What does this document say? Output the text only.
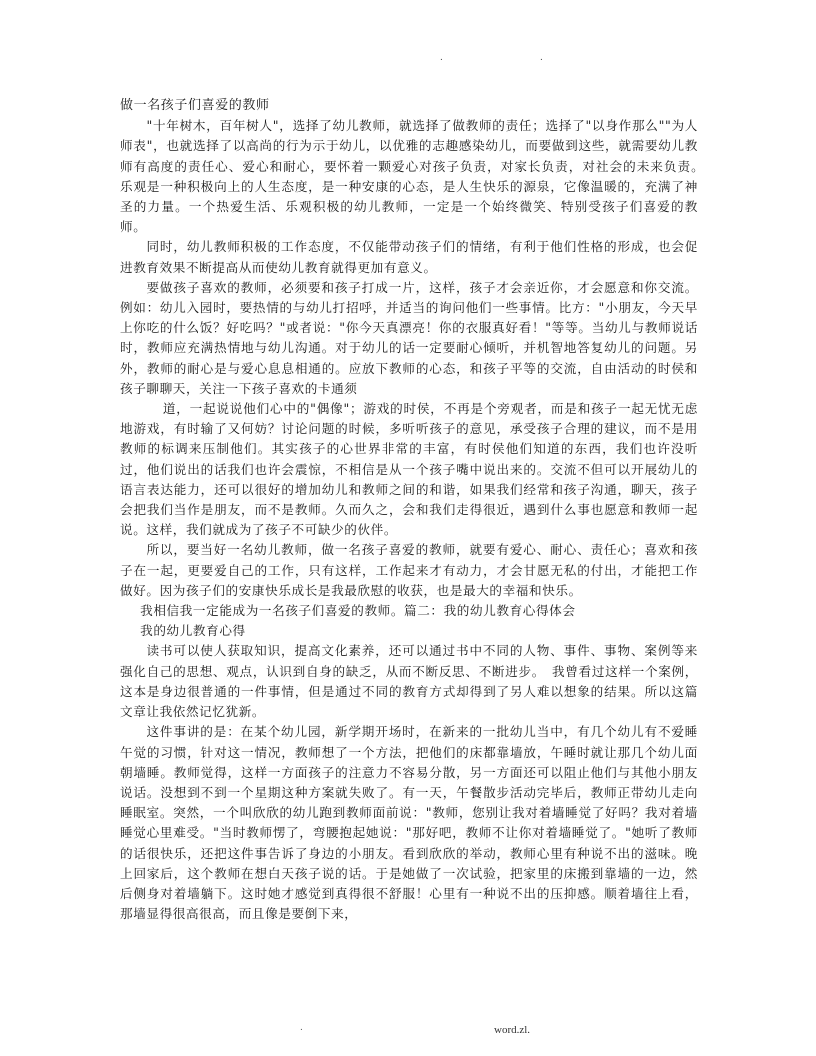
.	.

做一名孩子们喜爱的教师

"十年树木，百年树人"，选择了幼儿教师，就选择了做教师的责任；选择了"以身作那么""为人师表"，也就选择了以高尚的行为示于幼儿，以优雅的志趣感染幼儿，而要做到这些，就需要幼儿教师有高度的责任心、爱心和耐心，要怀着一颗爱心对孩子负责，对家长负责，对社会的未来负责。　　乐观是一种积极向上的人生态度，是一种安康的心态，是人生快乐的源泉，它像温暖的，充满了神圣的力量。一个热爱生活、乐观积极的幼儿教师，一定是一个始终微笑、特别受孩子们喜爱的教师。

同时，幼儿教师积极的工作态度，不仅能带动孩子们的情绪，有利于他们性格的形成，也会促进教育效果不断提高从而使幼儿教育就得更加有意义。

要做孩子喜欢的教师，必须要和孩子打成一片，这样，孩子才会亲近你，才会愿意和你交流。例如：幼儿入园时，要热情的与幼儿打招呼，并适当的询问他们一些事情。比方："小朋友，今天早上你吃的什么饭？好吃吗？"或者说："你今天真漂亮！你的衣服真好看！"等等。当幼儿与教师说话时，教师应充满热情地与幼儿沟通。对于幼儿的话一定要耐心倾听，并机智地答复幼儿的问题。另外，教师的耐心是与爱心息息相通的。应放下教师的心态，和孩子平等的交流，自由活动的时侯和孩子聊聊天，关注一下孩子喜欢的卡通须

道，一起说说他们心中的"偶像"；游戏的时侯，不再是个旁观者，而是和孩子一起无忧无虑地游戏，有时输了又何妨？讨论问题的时候，多听听孩子的意见，承受孩子合理的建议，而不是用教师的标调来压制他们。其实孩子的心世界非常的丰富，有时侯他们知道的东西，我们也许没听过，他们说出的话我们也许会震惊，不相信是从一个孩子嘴中说出来的。交流不但可以开展幼儿的语言表达能力，还可以很好的增加幼儿和教师之间的和谐，如果我们经常和孩子沟通，聊天，孩子会把我们当作是朋友，而不是教师。久而久之，会和我们走得很近，遇到什么事也愿意和教师一起说。这样，我们就成为了孩子不可缺少的伙伴。

所以，要当好一名幼儿教师，做一名孩子喜爱的教师，就要有爱心、耐心、责任心；喜欢和孩子在一起，更要爱自己的工作，只有这样，工作起来才有动力，才会甘愿无私的付出，才能把工作做好。因为孩子们的安康快乐成长是我最欣慰的收获，也是最大的幸福和快乐。

我相信我一定能成为一名孩子们喜爱的教师。篇二：我的幼儿教育心得体会

我的幼儿教育心得

读书可以使人获取知识，提高文化素养，还可以通过书中不同的人物、事件、事物、案例等来强化自己的思想、观点，认识到自身的缺乏，从而不断反思、不断进步。　我曾看过这样一个案例，这本是身边很普通的一件事情，但是通过不同的教育方式却得到了另人难以想象的结果。所以这篇文章让我依然记忆犹新。

这件事讲的是：在某个幼儿园，新学期开场时，在新来的一批幼儿当中，有几个幼儿有不爱睡午觉的习惯，针对这一情况，教师想了一个方法，把他们的床都靠墙放，午睡时就让那几个幼儿面朝墙睡。教师觉得，这样一方面孩子的注意力不容易分散，另一方面还可以阻止他们与其他小朋友说话。没想到不到一个星期这种方案就失败了。有一天，午餐散步活动完毕后，教师正带幼儿走向睡眠室。突然，一个叫欣欣的幼儿跑到教师面前说："教师，您别让我对着墙睡觉了好吗？我对着墙睡觉心里难受。"当时教师愣了，弯腰抱起她说："那好吧，教师不让你对着墙睡觉了。"她听了教师的话很快乐，还把这件事告诉了身边的小朋友。看到欣欣的举动，教师心里有种说不出的滋味。晚上回家后，这个教师在想白天孩子说的话。于是她做了一次试验，把家里的床搬到靠墙的一边，然后侧身对着墙躺下。这时她才感觉到真得很不舒服！心里有一种说不出的压抑感。顺着墙往上看，那墙显得很高很高，而且像是要倒下来，

.	word.zl.
